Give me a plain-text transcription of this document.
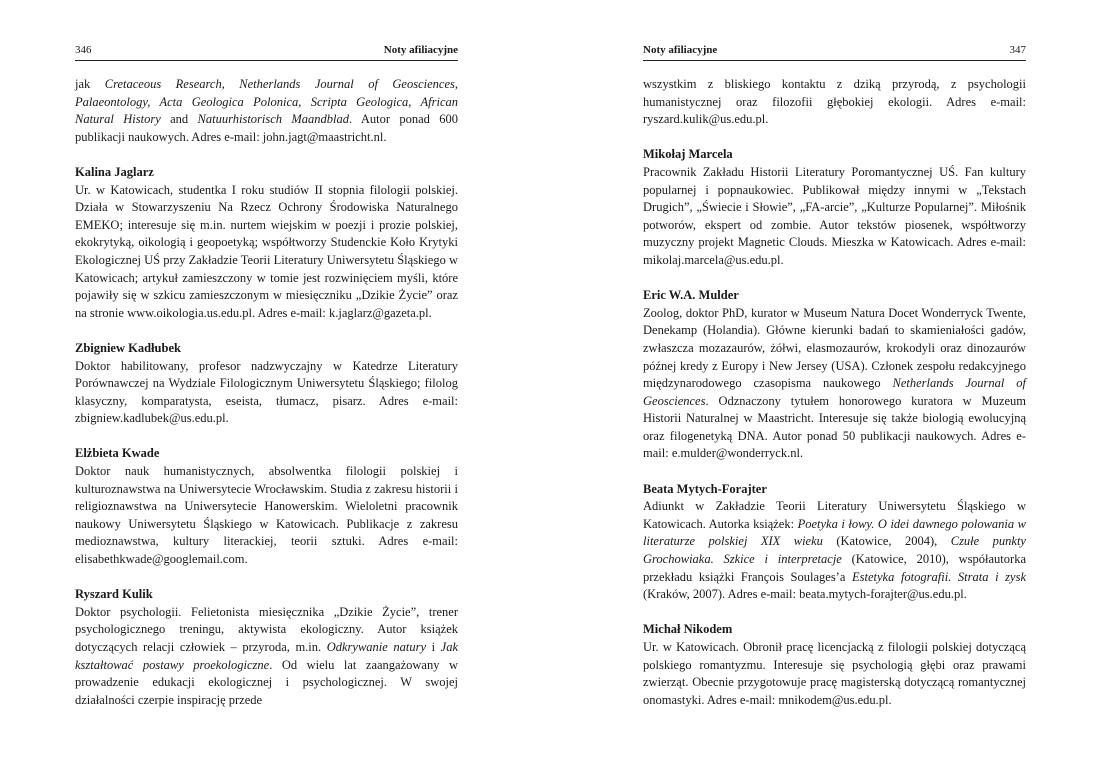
346	Noty afiliacyjne

jak Cretaceous Research, Netherlands Journal of Geosciences, Palaeontology, Acta Geologica Polonica, Scripta Geologica, African Natural History and Natuurhistorisch Maandblad. Autor ponad 600 publikacji naukowych. Adres e-mail: john.jagt@maastricht.nl.

Kalina Jaglarz

Ur. w Katowicach, studentka I roku studiów II stopnia filologii polskiej. Działa w Stowarzyszeniu Na Rzecz Ochrony Środowiska Naturalnego EMEKO; interesuje się m.in. nurtem wiejskim w poezji i prozie polskiej, ekokrytyką, oikologią i geopoetyką; współtworzy Studenckie Koło Krytyki Ekologicznej UŚ przy Zakładzie Teorii Literatury Uniwersytetu Śląskiego w Katowicach; artykuł zamieszczony w tomie jest rozwinięciem myśli, które pojawiły się w szkicu zamieszczonym w miesięczniku „Dzikie Życie” oraz na stronie www.oikologia.us.edu.pl. Adres e-mail: k.jaglarz@gazeta.pl.

Zbigniew Kadłubek

Doktor habilitowany, profesor nadzwyczajny w Katedrze Literatury Porównawczej na Wydziale Filologicznym Uniwersytetu Śląskiego; filolog klasyczny, komparatysta, eseista, tłumacz, pisarz. Adres e-mail: zbigniew.kadlubek@us.edu.pl.

Elżbieta Kwade

Doktor nauk humanistycznych, absolwentka filologii polskiej i kulturoznawstwa na Uniwersytecie Wrocławskim. Studia z zakresu historii i religioznawstwa na Uniwersytecie Hanowerskim. Wieloletni pracownik naukowy Uniwersytetu Śląskiego w Katowicach. Publikacje z zakresu medioznawstwa, kultury literackiej, teorii sztuki. Adres e-mail: elisabethkwade@googlemail.com.

Ryszard Kulik

Doktor psychologii. Felietonista miesięcznika „Dzikie Życie”, trener psychologicznego treningu, aktywista ekologiczny. Autor książek dotyczących relacji człowiek – przyroda, m.in. Odkrywanie natury i Jak kształtować postawy proekologiczne. Od wielu lat zaangażowany w prowadzenie edukacji ekologicznej i psychologicznej. W swojej działalności czerpie inspirację przede

Noty afiliacyjne	347

wszystkim z bliskiego kontaktu z dziką przyrodą, z psychologii humanistycznej oraz filozofii głębokiej ekologii. Adres e-mail: ryszard.kulik@us.edu.pl.

Mikołaj Marcela

Pracownik Zakładu Historii Literatury Poromantycznej UŚ. Fan kultury popularnej i popnaukowiec. Publikował między innymi w „Tekstach Drugich”, „Świecie i Słowie”, „FA-arcie”, „Kulturze Popularnej”. Miłośnik potworów, ekspert od zombie. Autor tekstów piosenek, współtworzy muzyczny projekt Magnetic Clouds. Mieszka w Katowicach. Adres e-mail: mikolaj.marcela@us.edu.pl.

Eric W.A. Mulder

Zoolog, doktor PhD, kurator w Museum Natura Docet Wonderryck Twente, Denekamp (Holandia). Główne kierunki badań to skamieniałości gadów, zwłaszcza mozazaurów, żółwi, elasmozaurów, krokodyli oraz dinozaurów późnej kredy z Europy i New Jersey (USA). Członek zespołu redakcyjnego międzynarodowego czasopisma naukowego Netherlands Journal of Geosciences. Odznaczony tytułem honorowego kuratora w Muzeum Historii Naturalnej w Maastricht. Interesuje się także biologią ewolucyjną oraz filogenetyką DNA. Autor ponad 50 publikacji naukowych. Adres e-mail: e.mulder@wonderryck.nl.

Beata Mytych-Forajter

Adiunkt w Zakładzie Teorii Literatury Uniwersytetu Śląskiego w Katowicach. Autorka książek: Poetyka i łowy. O idei dawnego polowania w literaturze polskiej XIX wieku (Katowice, 2004), Czułe punkty Grochowiaka. Szkice i interpretacje (Katowice, 2010), współautorka przekładu książki François Soulages’a Estetyka fotografii. Strata i zysk (Kraków, 2007). Adres e-mail: beata.mytych-forajter@us.edu.pl.

Michał Nikodem

Ur. w Katowicach. Obronił pracę licencjacką z filologii polskiej dotyczącą polskiego romantyzmu. Interesuje się psychologią głębi oraz prawami zwierząt. Obecnie przygotowuje pracę magisterską dotyczącą romantycznej onomastyki. Adres e-mail: mnikodem@us.edu.pl.
